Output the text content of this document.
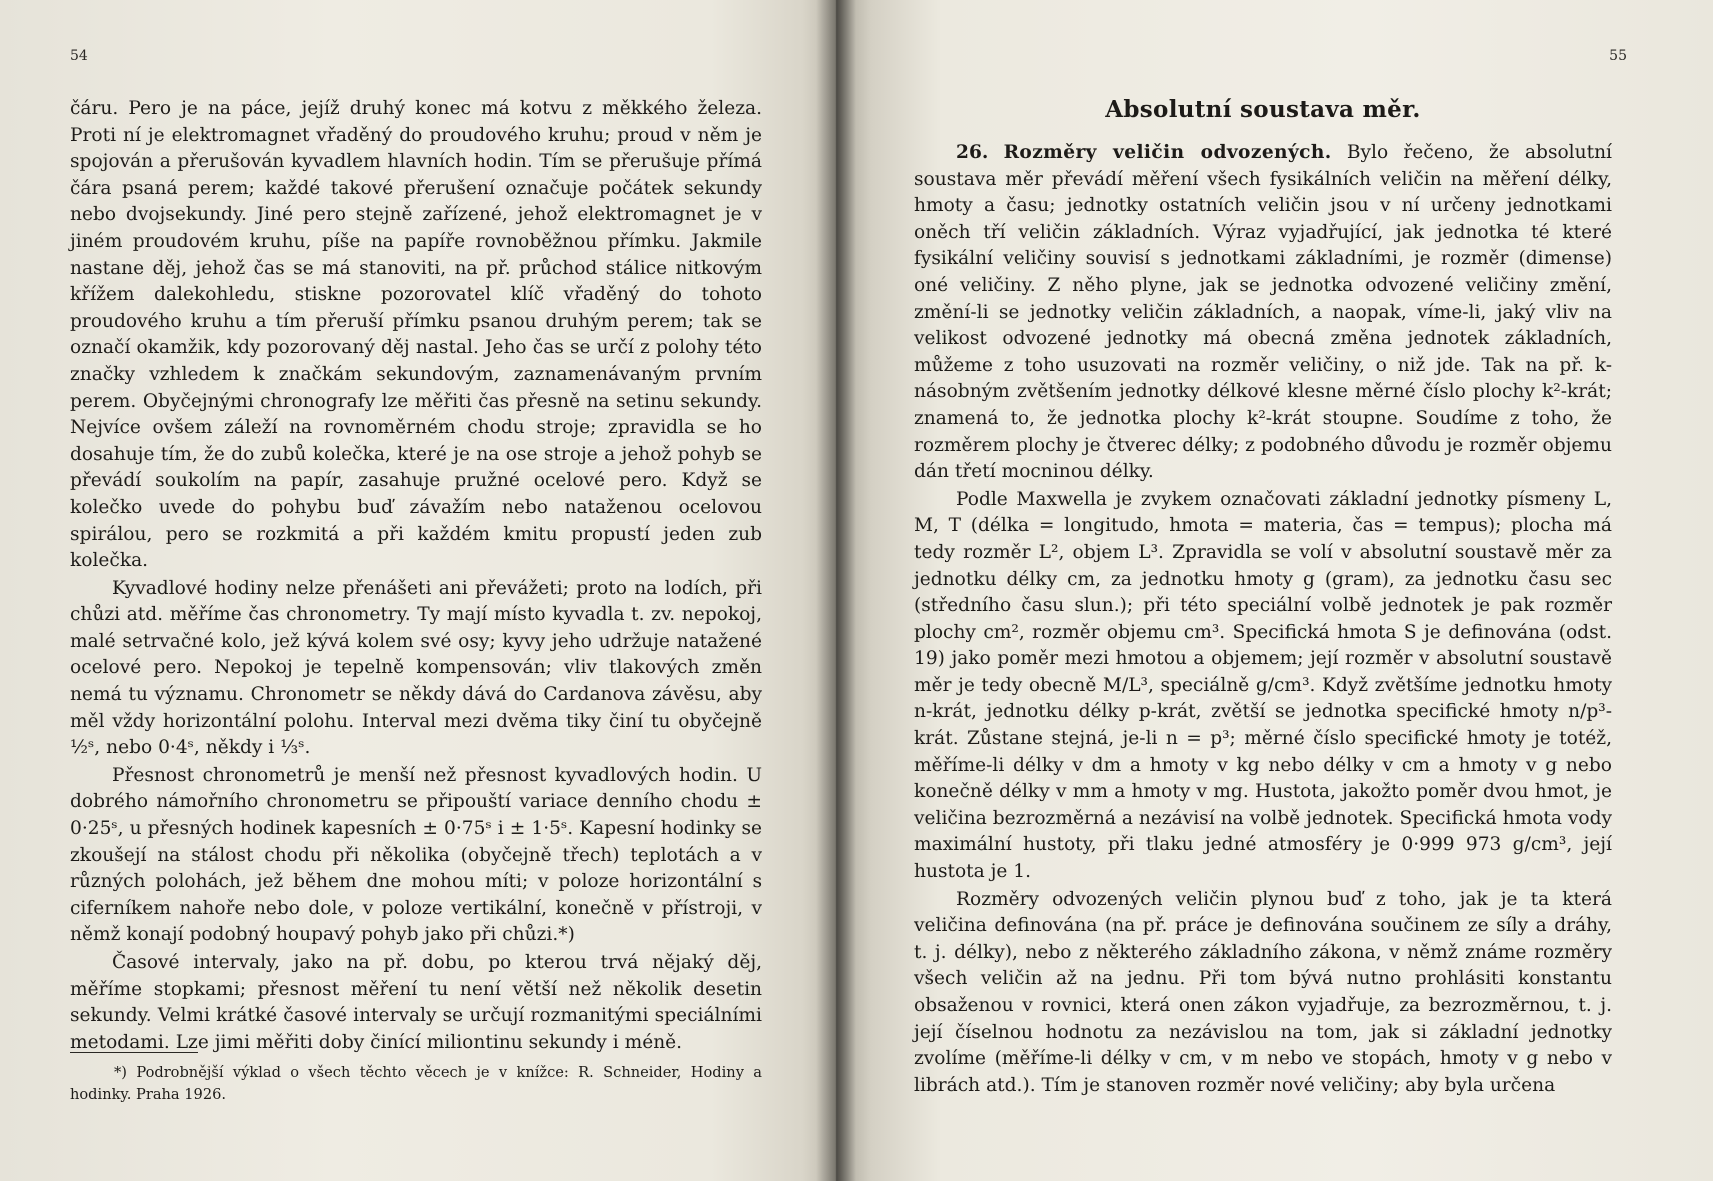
54

čáru. Pero je na páce, jejíž druhý konec má kotvu z měkkého železa. Proti ní je elektromagnet vřaděný do proudového kruhu; proud v něm je spojován a přerušován kyvadlem hlavních hodin. Tím se přerušuje přímá čára psaná perem; každé takové přerušení označuje počátek sekundy nebo dvojsekundy. Jiné pero stejně zařízené, jehož elektromagnet je v jiném proudovém kruhu, píše na papíře rovnoběžnou přímku. Jakmile nastane děj, jehož čas se má stanoviti, na př. průchod stálice nitkovým křížem dalekohledu, stiskne pozorovatel klíč vřaděný do tohoto proudového kruhu a tím přeruší přímku psanou druhým perem; tak se označí okamžik, kdy pozorovaný děj nastal. Jeho čas se určí z polohy této značky vzhledem k značkám sekundovým, zaznamenávaným prvním perem. Obyčejnými chronografy lze měřiti čas přesně na setinu sekundy. Nejvíce ovšem záleží na rovnoměrném chodu stroje; zpravidla se ho dosahuje tím, že do zubů kolečka, které je na ose stroje a jehož pohyb se převádí soukolím na papír, zasahuje pružné ocelové pero. Když se kolečko uvede do pohybu buď závažím nebo nataženou ocelovou spirálou, pero se rozkmitá a při každém kmitu propustí jeden zub kolečka.

Kyvadlové hodiny nelze přenášeti ani převážeti; proto na lodích, při chůzi atd. měříme čas chronometry. Ty mají místo kyvadla t. zv. nepokoj, malé setrvačné kolo, jež kývá kolem své osy; kyvy jeho udržuje natažené ocelové pero. Nepokoj je tepelně kompensován; vliv tlakových změn nemá tu významu. Chronometr se někdy dává do Cardanova závěsu, aby měl vždy horizontální polohu. Interval mezi dvěma tiky činí tu obyčejně ½ˢ, nebo 0·4ˢ, někdy i ⅓ˢ.

Přesnost chronometrů je menší než přesnost kyvadlových hodin. U dobrého námořního chronometru se připouští variace denního chodu ± 0·25ˢ, u přesných hodinek kapesních ± 0·75ˢ i ± 1·5ˢ. Kapesní hodinky se zkoušejí na stálost chodu při několika (obyčejně třech) teplotách a v různých polohách, jež během dne mohou míti; v poloze horizontální s ciferníkem nahoře nebo dole, v poloze vertikální, konečně v přístroji, v němž konají podobný houpavý pohyb jako při chůzi.*)

Časové intervaly, jako na př. dobu, po kterou trvá nějaký děj, měříme stopkami; přesnost měření tu není větší než několik desetin sekundy. Velmi krátké časové intervaly se určují rozmanitými speciálními metodami. Lze jimi měřiti doby činící miliontinu sekundy i méně.

*) Podrobnější výklad o všech těchto věcech je v knížce: R. Schneider, Hodiny a hodinky. Praha 1926.
55
Absolutní soustava měr.

26. Rozměry veličin odvozených. Bylo řečeno, že absolutní soustava měr převádí měření všech fysikálních veličin na měření délky, hmoty a času; jednotky ostatních veličin jsou v ní určeny jednotkami oněch tří veličin základních. Výraz vyjadřující, jak jednotka té které fysikální veličiny souvisí s jednotkami základními, je rozměr (dimense) oné veličiny. Z něho plyne, jak se jednotka odvozené veličiny změní, změní-li se jednotky veličin základních, a naopak, víme-li, jaký vliv na velikost odvozené jednotky má obecná změna jednotek základních, můžeme z toho usuzovati na rozměr veličiny, o niž jde. Tak na př. k-násobným zvětšením jednotky délkové klesne měrné číslo plochy k²-krát; znamená to, že jednotka plochy k²-krát stoupne. Soudíme z toho, že rozměrem plochy je čtverec délky; z podobného důvodu je rozměr objemu dán třetí mocninou délky.

Podle Maxwella je zvykem označovati základní jednotky písmeny L, M, T (délka = longitudo, hmota = materia, čas = tempus); plocha má tedy rozměr L², objem L³. Zpravidla se volí v absolutní soustavě měr za jednotku délky cm, za jednotku hmoty g (gram), za jednotku času sec (středního času slun.); při této speciální volbě jednotek je pak rozměr plochy cm², rozměr objemu cm³. Specifická hmota S je definována (odst. 19) jako poměr mezi hmotou a objemem; její rozměr v absolutní soustavě měr je tedy obecně M/L³, speciálně g/cm³. Když zvětšíme jednotku hmoty n-krát, jednotku délky p-krát, zvětší se jednotka specifické hmoty n/p³-krát. Zůstane stejná, je-li n = p³; měrné číslo specifické hmoty je totéž, měříme-li délky v dm a hmoty v kg nebo délky v cm a hmoty v g nebo konečně délky v mm a hmoty v mg. Hustota, jakožto poměr dvou hmot, je veličina bezrozměrná a nezávisí na volbě jednotek. Specifická hmota vody maximální hustoty, při tlaku jedné atmosféry je 0·999 973 g/cm³, její hustota je 1.

Rozměry odvozených veličin plynou buď z toho, jak je ta která veličina definována (na př. práce je definována součinem ze síly a dráhy, t. j. délky), nebo z některého základního zákona, v němž známe rozměry všech veličin až na jednu. Při tom bývá nutno prohlásiti konstantu obsaženou v rovnici, která onen zákon vyjadřuje, za bezrozměrnou, t. j. její číselnou hodnotu za nezávislou na tom, jak si základní jednotky zvolíme (měříme-li délky v cm, v m nebo ve stopách, hmoty v g nebo v librách atd.). Tím je stanoven rozměr nové veličiny; aby byla určena
